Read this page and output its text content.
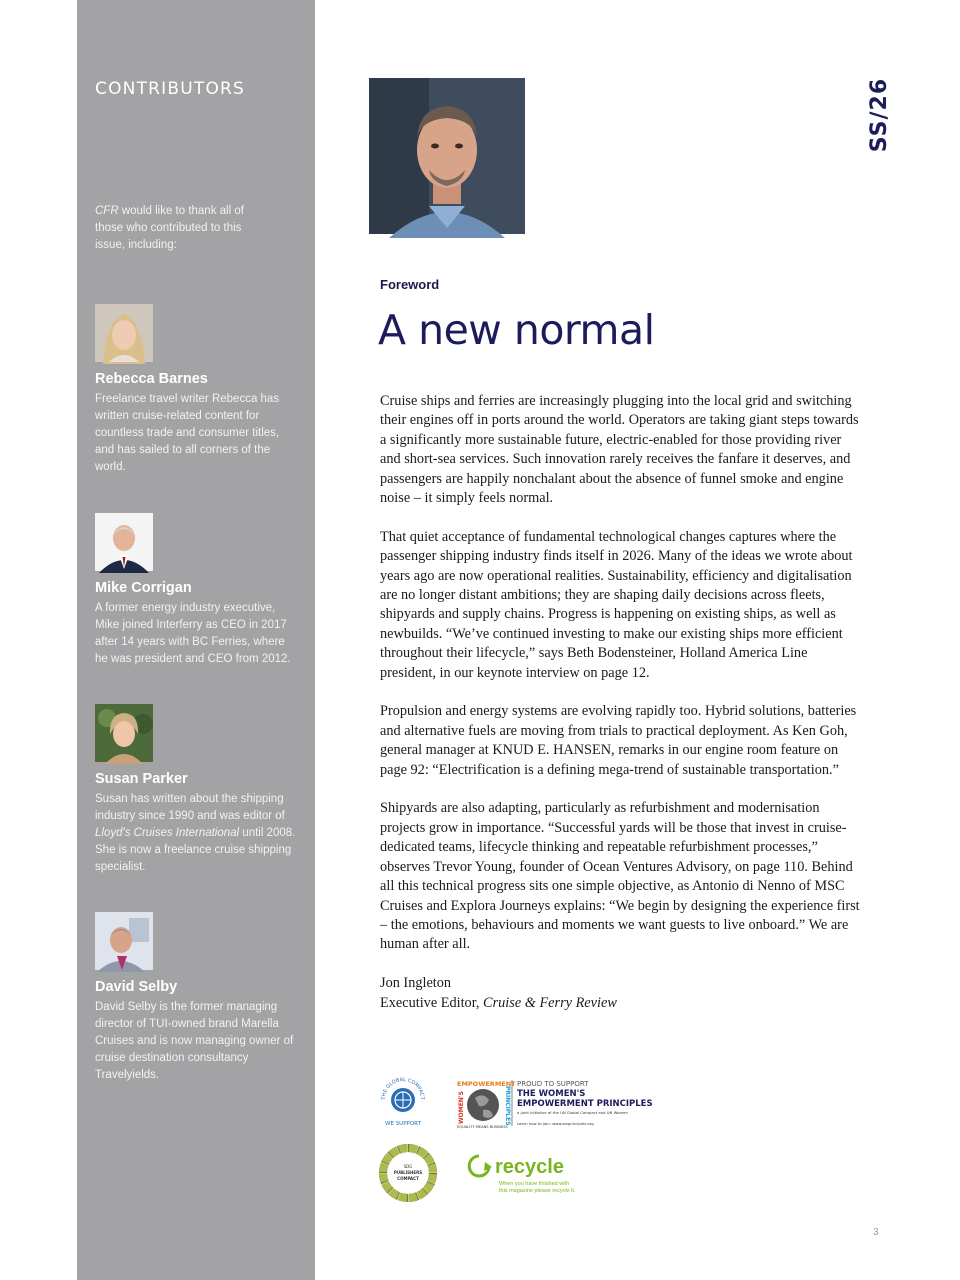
CONTRIBUTORS
CFR would like to thank all of those who contributed to this issue, including:
Rebecca Barnes
Freelance travel writer Rebecca has written cruise-related content for countless trade and consumer titles, and has sailed to all corners of the world.
Mike Corrigan
A former energy industry executive, Mike joined Interferry as CEO in 2017 after 14 years with BC Ferries, where he was president and CEO from 2012.
Susan Parker
Susan has written about the shipping industry since 1990 and was editor of Lloyd's Cruises International until 2008. She is now a freelance cruise shipping specialist.
David Selby
David Selby is the former managing director of TUI-owned brand Marella Cruises and is now managing owner of cruise destination consultancy Travelyields.
SS/26
Foreword
A new normal

Cruise ships and ferries are increasingly plugging into the local grid and switching their engines off in ports around the world. Operators are taking giant steps towards a significantly more sustainable future, electric-enabled for those providing river and short-sea services. Such innovation rarely receives the fanfare it deserves, and passengers are happily nonchalant about the absence of funnel smoke and engine noise – it simply feels normal.

That quiet acceptance of fundamental technological changes captures where the passenger shipping industry finds itself in 2026. Many of the ideas we wrote about years ago are now operational realities. Sustainability, efficiency and digitalisation are no longer distant ambitions; they are shaping daily decisions across fleets, shipyards and supply chains. Progress is happening on existing ships, as well as newbuilds. “We’ve continued investing to make our existing ships more efficient throughout their lifecycle,” says Beth Bodensteiner, Holland America Line president, in our keynote interview on page 12.

Propulsion and energy systems are evolving rapidly too. Hybrid solutions, batteries and alternative fuels are moving from trials to practical deployment. As Ken Goh, general manager at KNUD E. HANSEN, remarks in our engine room feature on page 92: “Electrification is a defining mega-trend of sustainable transportation.”

Shipyards are also adapting, particularly as refurbishment and modernisation projects grow in importance. “Successful yards will be those that invest in cruise-dedicated teams, lifecycle thinking and repeatable refurbishment processes,” observes Trevor Young, founder of Ocean Ventures Advisory, on page 110. Behind all this technical progress sits one simple objective, as Antonio di Nenno of MSC Cruises and Explora Journeys explains: “We begin by designing the experience first – the emotions, behaviours and moments we want guests to live onboard.” We are human after all.

Jon Ingleton
Executive Editor, Cruise & Ferry Review
THE GLOBAL COMPACT
WE SUPPORT
EMPOWERMENT
WOMEN'S	PRINCIPLES
EQUALITY MEANS BUSINESS
PROUD TO SUPPORT
THE WOMEN'S
EMPOWERMENT PRINCIPLES
a joint initiative of the UN Global Compact and UN Women
Learn how to join: www.weprinciples.org
SDG
PUBLISHERS
COMPACT
recycle
When you have finished with
this magazine please recycle it.
3
